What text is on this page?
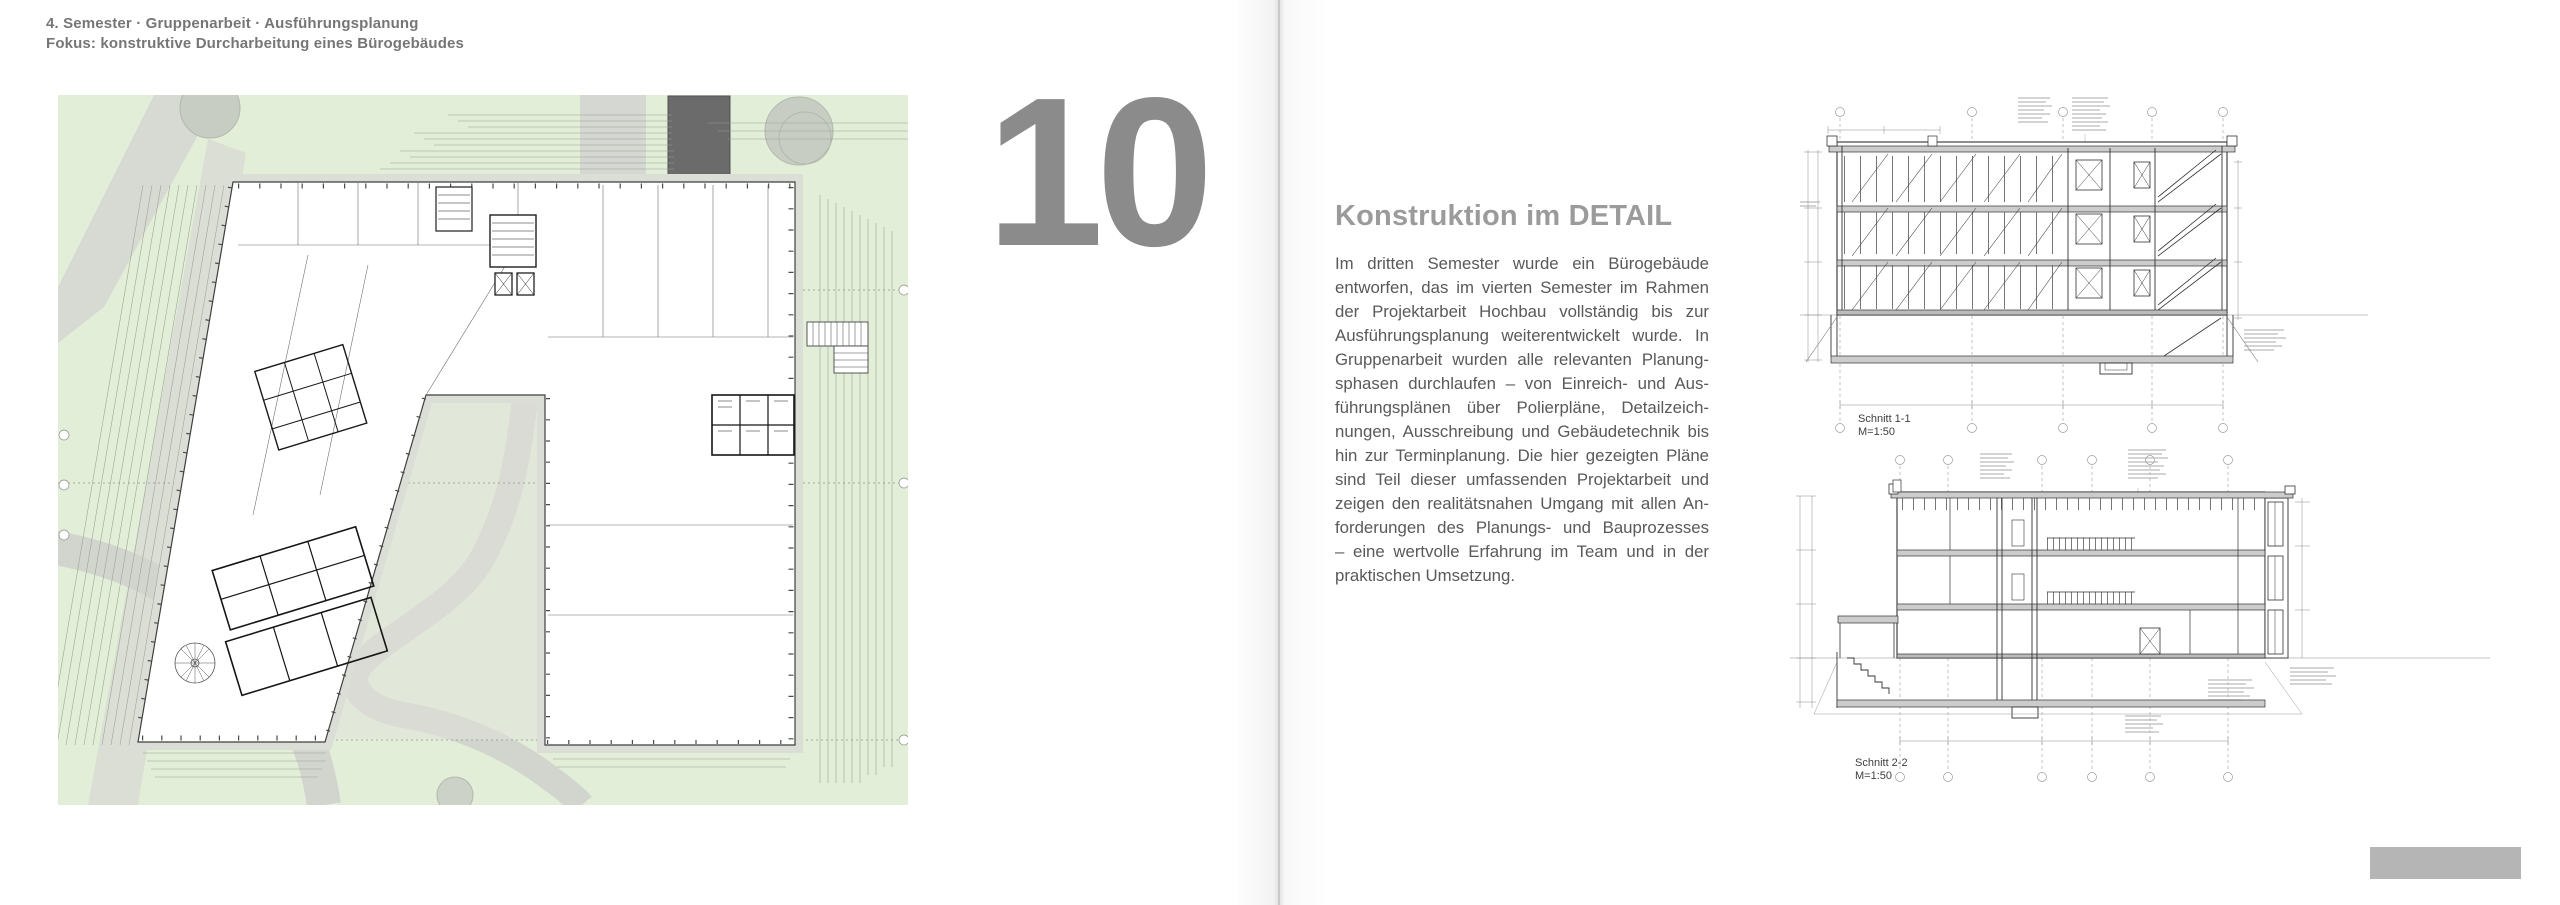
4. Semester · Gruppenarbeit · Ausführungsplanung
Fokus: konstruktive Durcharbeitung eines Bürogebäudes
10	Konstruktion im DETAIL
Im dritten Semester wurde ein Bürogebäude
entworfen, das im vierten Semester im Rahmen
der Projektarbeit Hochbau vollständig bis zur
Ausführungsplanung weiterentwickelt wurde. In
Gruppenarbeit wurden alle relevanten Planung-
sphasen durchlaufen – von Einreich- und Aus-
führungsplänen über Polierpläne, Detailzeich-
nungen, Ausschreibung und Gebäudetechnik bis
hin zur Terminplanung. Die hier gezeigten Pläne
sind Teil dieser umfassenden Projektarbeit und
zeigen den realitätsnahen Umgang mit allen An-
forderungen des Planungs- und Bauprozesses
– eine wertvolle Erfahrung im Team und in der
praktischen Umsetzung.
Schnitt 1-1
M=1:50
Schnitt 2-2
M=1:50
